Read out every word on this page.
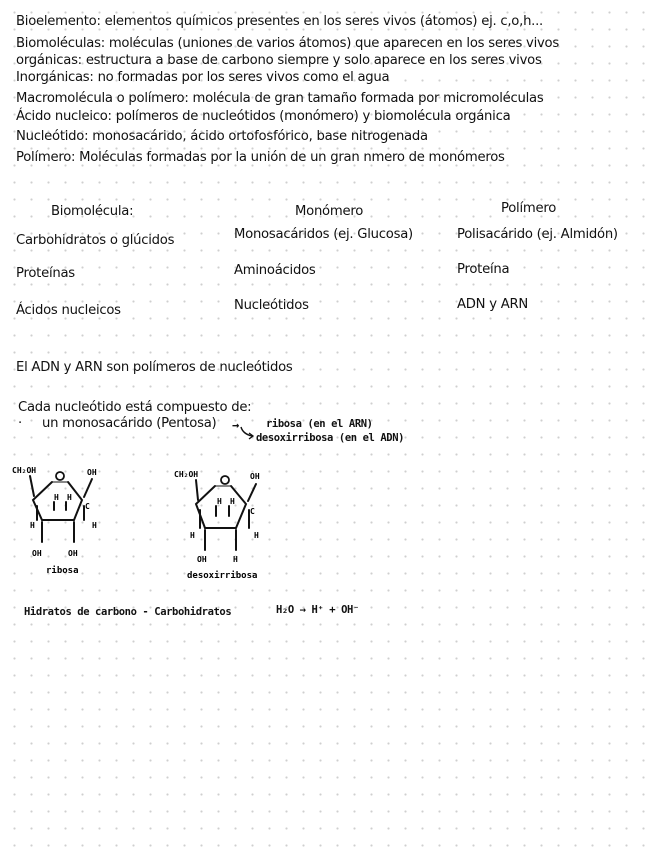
Bioelemento: elementos químicos presentes en los seres vivos (átomos) ej. c,o,h...
Biomoléculas: moléculas (uniones de varios átomos) que aparecen en los seres vivos
orgánicas: estructura a base de carbono siempre y solo aparece en los seres vivos
Inorgánicas: no formadas por los seres vivos como el agua
Macromolécula o polímero: molécula de gran tamaño formada por micromoléculas
Ácido nucleico: polímeros de nucleótidos (monómero) y biomolécula orgánica
Nucleótido: monosacárido, ácido ortofosfórico, base nitrogenada
Polímero: Moléculas formadas por la unión de un gran nmero de monómeros
Biomolécula:	Monómero	Polímero
Carbohidratos o glúcidos	Monosacáridos (ej. Glucosa)	Polisacárido (ej. Almidón)
Proteínas	Aminoácidos	Proteína
Ácidos nucleicos	Nucleótidos	ADN y ARN
El ADN y ARN son polímeros de nucleótidos
Cada nucleótido está compuesto de:
· un monosacárido (Pentosa) →	ribosa (en el ARN)
desoxirribosa (en el ADN)
CH₂OH	OH
H H
C
H	H
OH	OH
ribosa
CH₂OH	OH
H H
C
H	H
OH	H
desoxirribosa
Hidratos de carbono - Carbohidratos	H₂O → H⁺ + OH⁻
